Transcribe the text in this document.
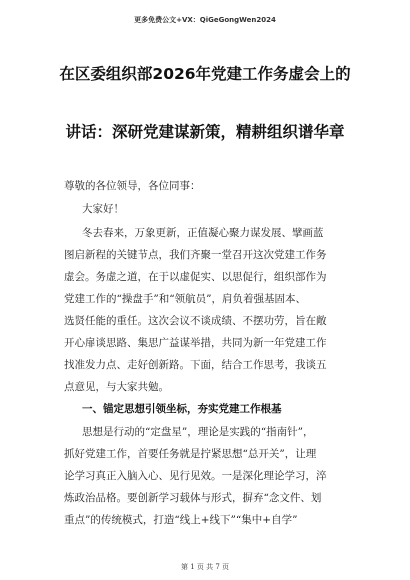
更多免费公文+VX：QiGeGongWen2024
在区委组织部2026年党建工作务虚会上的
讲话：深研党建谋新策，精耕组织谱华章
尊敬的各位领导，各位同事：
大家好！
冬去春来，万象更新，正值凝心聚力谋发展、擘画蓝
图启新程的关键节点，我们齐聚一堂召开这次党建工作务
虚会。务虚之道，在于以虚促实、以思促行，组织部作为
党建工作的“操盘手”和“领航员”，肩负着强基固本、
选贤任能的重任。这次会议不谈成绩、不摆功劳，旨在敞
开心扉谈思路、集思广益谋举措，共同为新一年党建工作
找准发力点、走好创新路。下面，结合工作思考，我谈五
点意见，与大家共勉。
一、锚定思想引领坐标，夯实党建工作根基
思想是行动的“定盘星”，理论是实践的“指南针”，
抓好党建工作，首要任务就是拧紧思想“总开关”，让理
论学习真正入脑入心、见行见效。一是深化理论学习，淬
炼政治品格。要创新学习载体与形式，摒弃“念文件、划
重点”的传统模式，打造“线上+线下”“集中+自学”
第 1 页 共 7 页
